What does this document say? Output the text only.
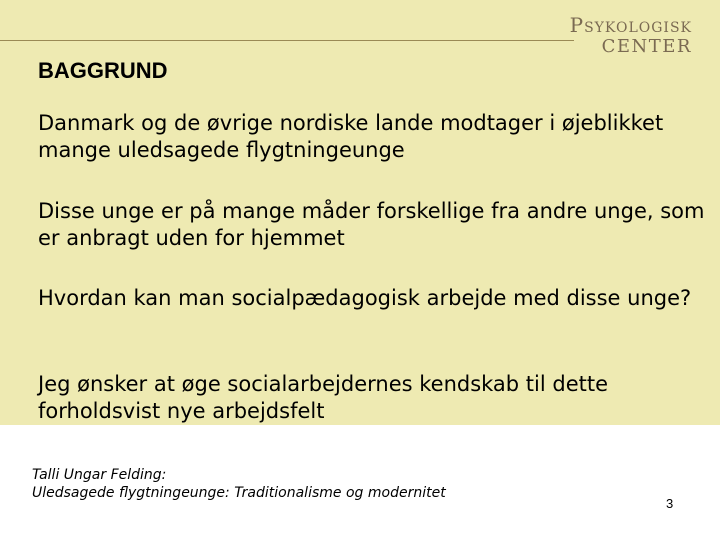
Psykologisk
CENTER
BAGGRUND
Danmark og de øvrige nordiske lande modtager i øjeblikket mange uledsagede flygtningeunge
Disse unge er på mange måder forskellige fra andre unge, som er anbragt uden for hjemmet
Hvordan kan man socialpædagogisk arbejde med disse unge?
Jeg ønsker at øge socialarbejdernes kendskab til dette forholdsvist nye arbejdsfelt
Talli Ungar Felding:
Uledsagede flygtningeunge: Traditionalisme og modernitet
3
